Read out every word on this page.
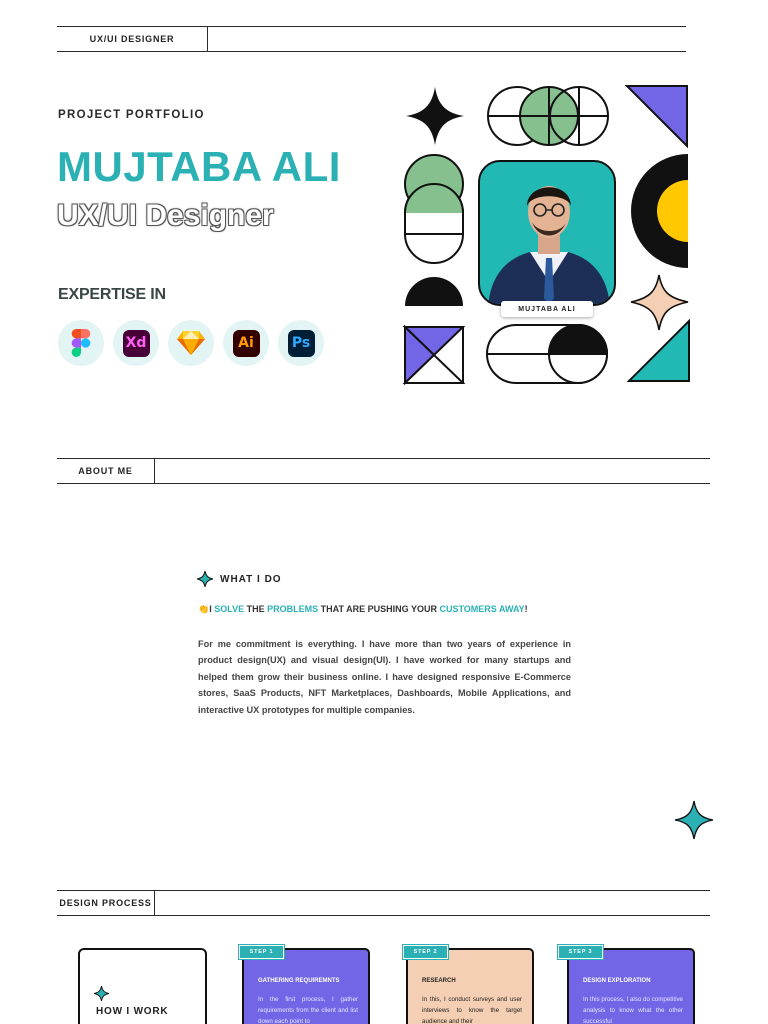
UX/UI DESIGNER
PROJECT PORTFOLIO
MUJTABA ALI
UX/UI Designer
EXPERTISE IN
Xd	Ai	Ps
MUJTABA ALI
ABOUT ME
WHAT I DO
👏I SOLVE THE PROBLEMS THAT ARE PUSHING YOUR CUSTOMERS AWAY!
For me commitment is everything. I have more than two years of experience in product design(UX) and visual design(UI). I have worked for many startups and helped them grow their business online. I have designed responsive E-Commerce stores, SaaS Products, NFT Marketplaces, Dashboards, Mobile Applications, and interactive UX prototypes for multiple companies.
DESIGN PROCESS
HOW I WORK
GATHERING REQUIREMNTS
In the first process, I gather requirements from the client and list down each point to
RESEARCH
In this, I conduct surveys and user interviews to know the target audience and their
DESIGN EXPLORATION
In this process, I also do competitive analysis to know what the other successful
STEP 1	STEP 2	STEP 3
